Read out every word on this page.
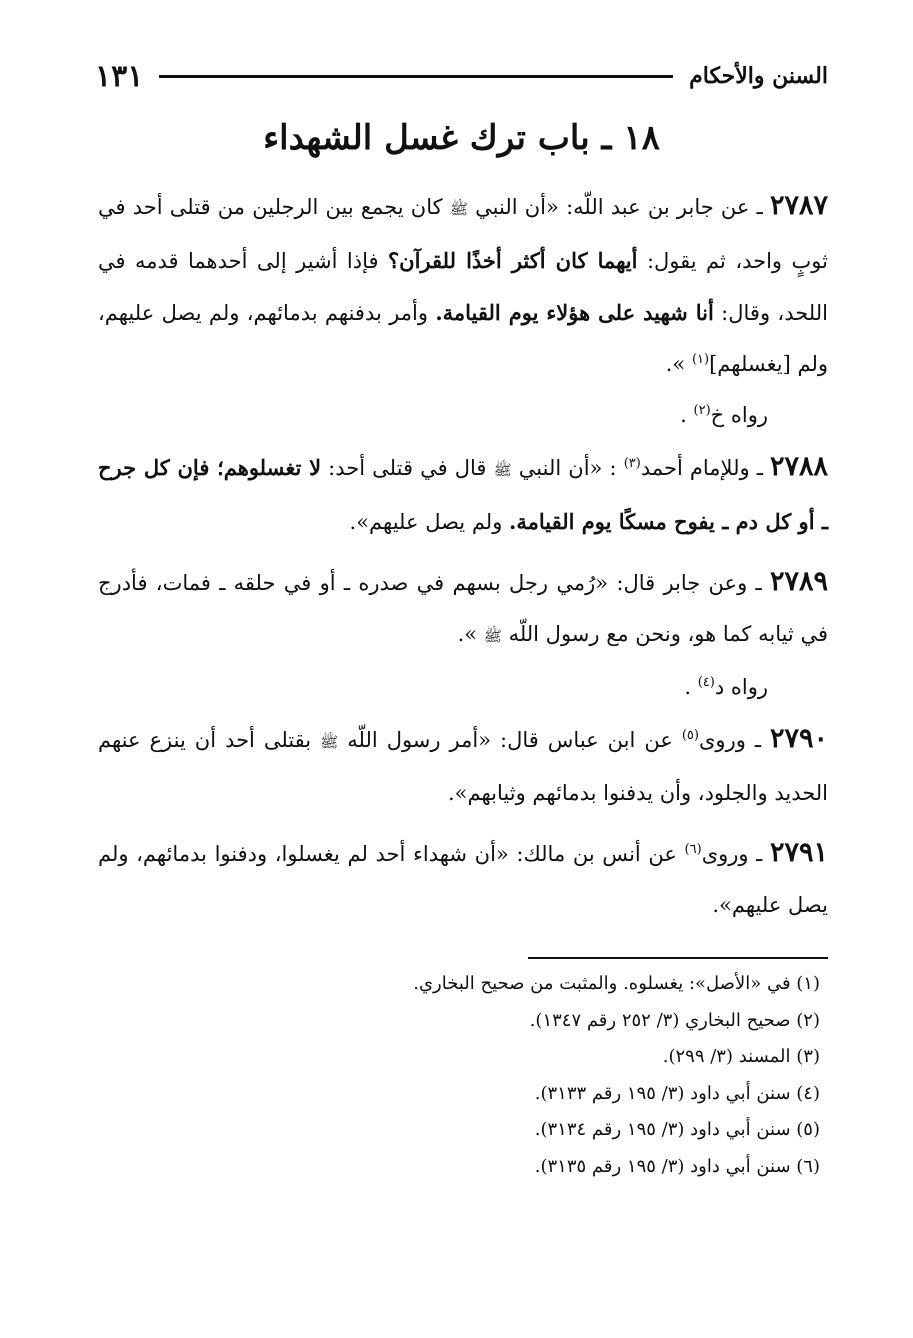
السنن والأحكام
١٣١
١٨ ـ باب ترك غسل الشهداء

٢٧٨٧ ـ عن جابر بن عبد اللّه: «أن النبي ﷺ كان يجمع بين الرجلين من قتلى أحد في ثوبٍ واحد، ثم يقول: أيهما كان أكثر أخذًا للقرآن؟ فإذا أشير إلى أحدهما قدمه في اللحد، وقال: أنا شهيد على هؤلاء يوم القيامة. وأمر بدفنهم بدمائهم، ولم يصل عليهم، ولم [يغسلهم]$^{(١)}$ ».

رواه خ$^{(٢)}$ .

٢٧٨٨ ـ وللإمام أحمد$^{(٣)}$ : «أن النبي ﷺ قال في قتلى أحد: لا تغسلوهم؛ فإن كل جرح ـ أو كل دم ـ يفوح مسكًا يوم القيامة. ولم يصل عليهم».

٢٧٨٩ ـ وعن جابر قال: «رُمي رجل بسهم في صدره ـ أو في حلقه ـ فمات، فأدرج في ثيابه كما هو، ونحن مع رسول اللّه ﷺ ».

رواه د$^{(٤)}$ .

٢٧٩٠ ـ وروى$^{(٥)}$ عن ابن عباس قال: «أمر رسول اللّه ﷺ بقتلى أحد أن ينزع عنهم الحديد والجلود، وأن يدفنوا بدمائهم وثيابهم».

٢٧٩١ ـ وروى$^{(٦)}$ عن أنس بن مالك: «أن شهداء أحد لم يغسلوا، ودفنوا بدمائهم، ولم يصل عليهم».

(١) في «الأصل»: يغسلوه. والمثبت من صحيح البخاري.
(٢) صحيح البخاري (٣/ ٢٥٢ رقم ١٣٤٧).
(٣) المسند (٣/ ٢٩٩).
(٤) سنن أبي داود (٣/ ١٩٥ رقم ٣١٣٣).
(٥) سنن أبي داود (٣/ ١٩٥ رقم ٣١٣٤).
(٦) سنن أبي داود (٣/ ١٩٥ رقم ٣١٣٥).
